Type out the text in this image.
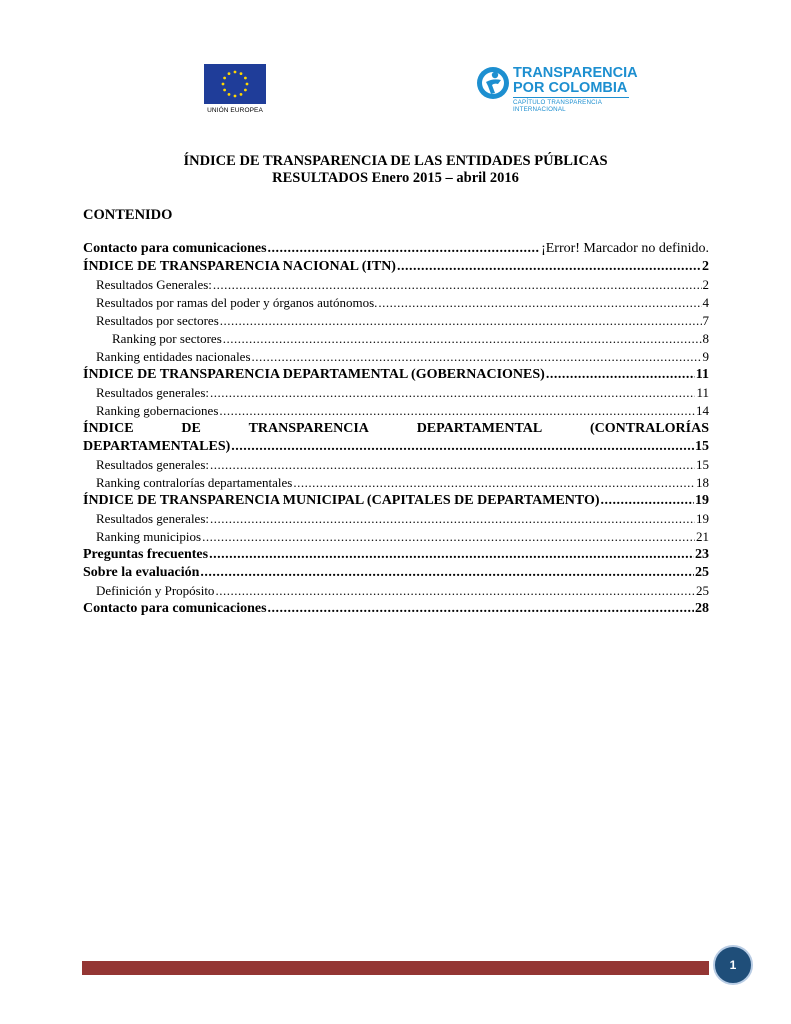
UNIÓN EUROPEA
TRANSPARENCIA
POR COLOMBIA
CAPÍTULO TRANSPARENCIA INTERNACIONAL
ÍNDICE DE TRANSPARENCIA DE LAS ENTIDADES PÚBLICAS
RESULTADOS Enero 2015 – abril 2016
CONTENIDO
Contacto para comunicaciones .....	¡Error! Marcador no definido.
ÍNDICE DE TRANSPARENCIA NACIONAL (ITN) .....	2
Resultados Generales: .....	2
Resultados por ramas del poder y órganos autónomos. .....	4
Resultados por sectores .....	7
Ranking por sectores .....	8
Ranking entidades nacionales .....	9
ÍNDICE DE TRANSPARENCIA DEPARTAMENTAL (GOBERNACIONES) .....	11
Resultados generales: .....	11
Ranking gobernaciones .....	14
ÍNDICE	DE	TRANSPARENCIA	DEPARTAMENTAL	(CONTRALORÍAS
DEPARTAMENTALES) .....	15
Resultados generales: .....	15
Ranking contralorías departamentales .....	18
ÍNDICE DE TRANSPARENCIA MUNICIPAL (CAPITALES DE DEPARTAMENTO) .....	19
Resultados generales: .....	19
Ranking municipios .....	21
Preguntas frecuentes .....	23
Sobre la evaluación .....	25
Definición y Propósito .....	25
Contacto para comunicaciones .....	28
1
